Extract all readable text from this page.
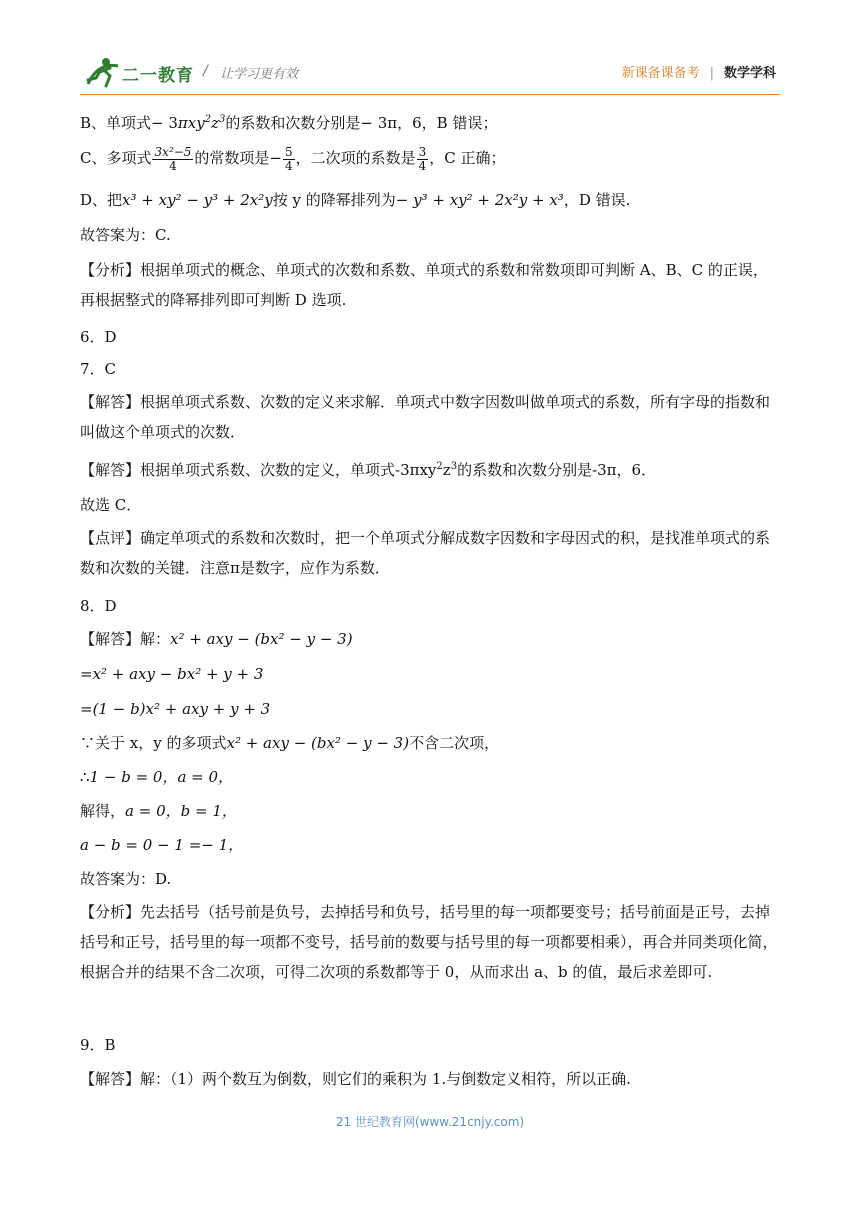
二一教育 / 让学习更有效	新课备课备考 | 数学学科
B、单项式− $3\pi xy^2z^3$的系数和次数分别是− 3π，6，B 错误；
C、多项式 $\frac{\text{3x²−5}}{4}$ 的常数项是− $\frac{5}{4}$ ，二次项的系数是 $\frac{3}{4}$ ，C 正确；
D、把x³ + xy² − y³ + 2x²y按 y 的降幂排列为− y³ + xy² + 2x²y + x³，D 错误.
故答案为：C.
【分析】根据单项式的概念、单项式的次数和系数、单项式的系数和常数项即可判断 A、B、C 的正误，再根据整式的降幂排列即可判断 D 选项.
6．D
7．C
【解答】根据单项式系数、次数的定义来求解．单项式中数字因数叫做单项式的系数，所有字母的指数和叫做这个单项式的次数．
【解答】根据单项式系数、次数的定义，单项式$-3\pi xy^2z^3$的系数和次数分别是-3π，6．
故选 C．
【点评】确定单项式的系数和次数时，把一个单项式分解成数字因数和字母因式的积，是找准单项式的系数和次数的关键．注意π是数字，应作为系数．
8．D
【解答】解：x² + axy − (bx² − y − 3)
=x² + axy − bx² + y + 3
=(1 − b)x² + axy + y + 3
∵关于 x，y 的多项式x² + axy − (bx² − y − 3)不含二次项，
∴1 − b = 0，a = 0，
解得，a = 0，b = 1，
a − b = 0 − 1 =− 1，
故答案为：D.
【分析】先去括号（括号前是负号，去掉括号和负号，括号里的每一项都要变号；括号前面是正号，去掉括号和正号，括号里的每一项都不变号，括号前的数要与括号里的每一项都要相乘），再合并同类项化简，根据合并的结果不含二次项，可得二次项的系数都等于 0，从而求出 a、b 的值，最后求差即可.
9．B
【解答】解：（1）两个数互为倒数，则它们的乘积为 1.与倒数定义相符，所以正确.
21 世纪教育网(www.21cnjy.com)
